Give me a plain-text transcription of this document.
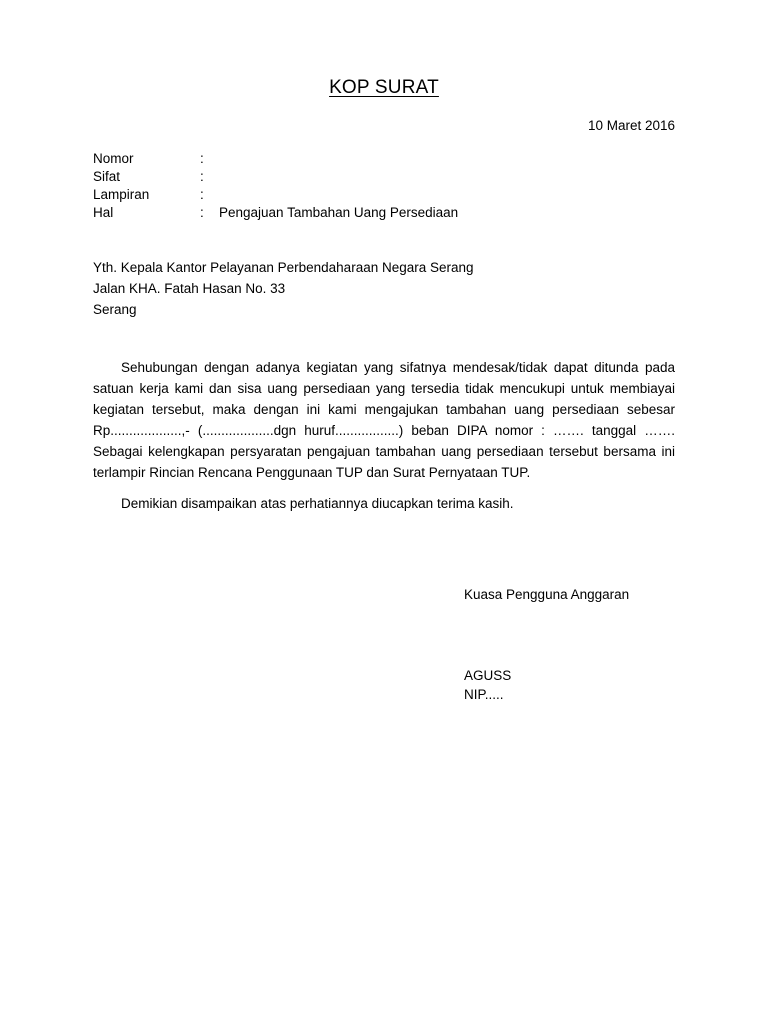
KOP SURAT
10 Maret 2016
Nomor	:
Sifat	:
Lampiran	:
Hal	:	Pengajuan Tambahan Uang Persediaan
Yth. Kepala Kantor Pelayanan Perbendaharaan Negara Serang
Jalan KHA. Fatah Hasan No. 33
Serang

Sehubungan dengan adanya kegiatan yang sifatnya mendesak/tidak dapat ditunda pada satuan kerja kami dan sisa uang persediaan yang tersedia tidak mencukupi untuk membiayai kegiatan tersebut, maka dengan ini kami mengajukan tambahan uang persediaan sebesar Rp...................,- (...................dgn huruf.................) beban DIPA nomor : ……. tanggal ……. Sebagai kelengkapan persyaratan pengajuan tambahan uang persediaan tersebut bersama ini terlampir Rincian Rencana Penggunaan TUP dan Surat Pernyataan TUP.

Demikian disampaikan atas perhatiannya diucapkan terima kasih.

Kuasa Pengguna Anggaran
AGUSS
NIP.....
